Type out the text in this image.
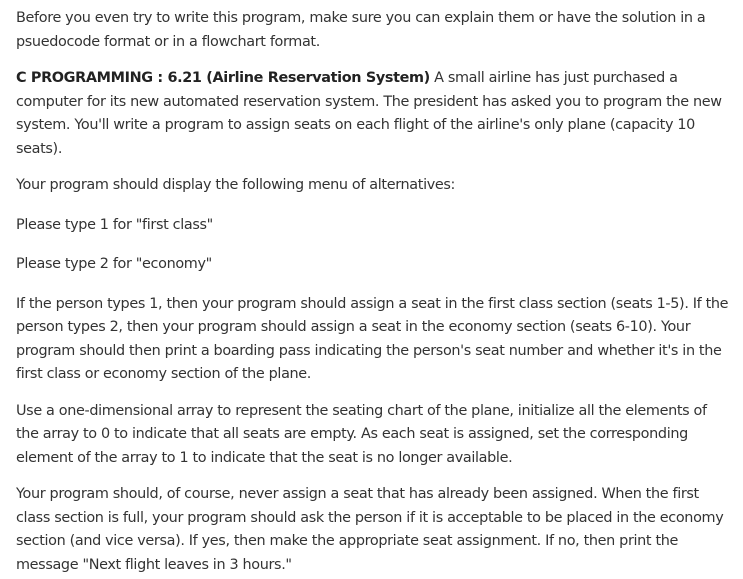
Before you even try to write this program, make sure you can explain them or have the solution in a psuedocode format or in a flowchart format.

C PROGRAMMING : 6.21 (Airline Reservation System) A small airline has just purchased a computer for its new automated reservation system. The president has asked you to program the new system. You'll write a program to assign seats on each flight of the airline's only plane (capacity 10 seats).

Your program should display the following menu of alternatives:

Please type 1 for "first class"

Please type 2 for "economy"

If the person types 1, then your program should assign a seat in the first class section (seats 1-5). If the person types 2, then your program should assign a seat in the economy section (seats 6-10). Your program should then print a boarding pass indicating the person's seat number and whether it's in the first class or economy section of the plane.

Use a one-dimensional array to represent the seating chart of the plane, initialize all the elements of the array to 0 to indicate that all seats are empty. As each seat is assigned, set the corresponding element of the array to 1 to indicate that the seat is no longer available.

Your program should, of course, never assign a seat that has already been assigned. When the first class section is full, your program should ask the person if it is acceptable to be placed in the economy section (and vice versa). If yes, then make the appropriate seat assignment. If no, then print the message "Next flight leaves in 3 hours."
